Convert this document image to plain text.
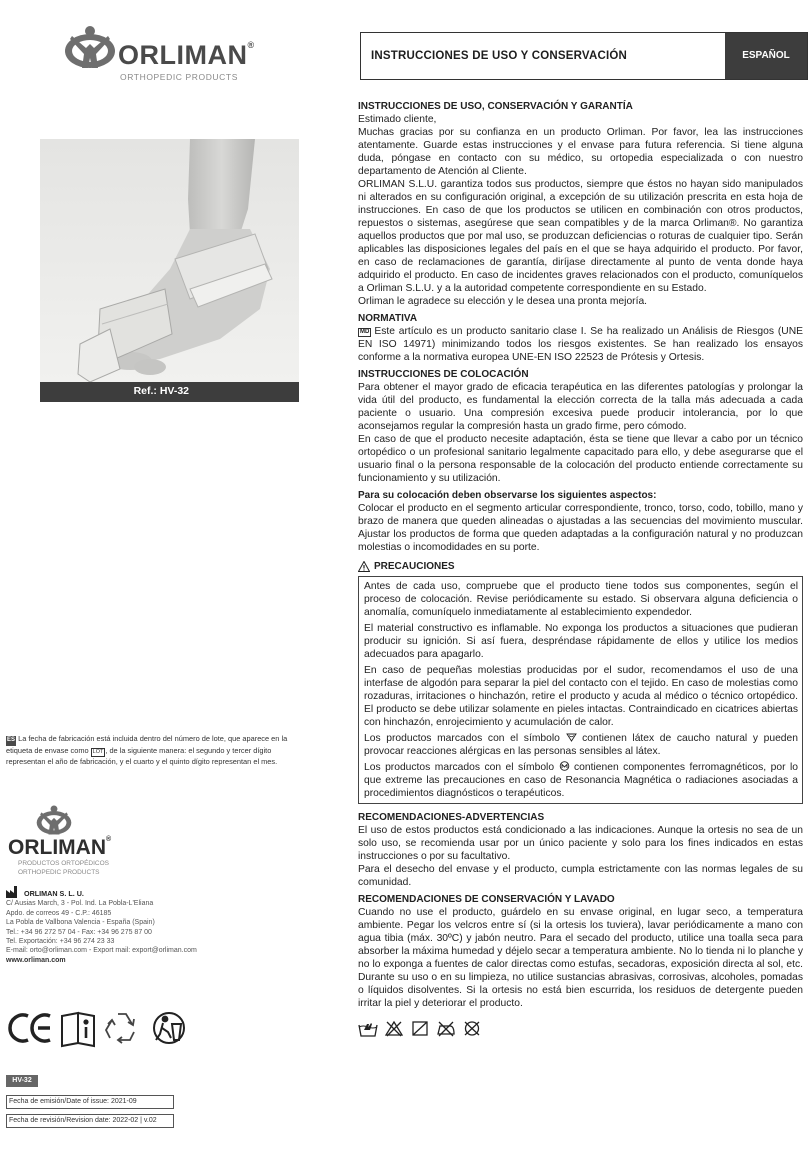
ORLIMAN®
ORTHOPEDIC PRODUCTS
Ref.: HV-32
ES La fecha de fabricación está incluida dentro del número de lote, que aparece en la etiqueta de envase como LOT , de la siguiente manera: el segundo y tercer dígito representan el año de fabricación, y el cuarto y el quinto dígito representan el mes.
ORLIMAN®
PRODUCTOS ORTOPÉDICOS
ORTHOPEDIC PRODUCTS
ORLIMAN S. L. U.
C/ Ausias March, 3 - Pol. Ind. La Pobla-L'Eliana
Apdo. de correos 49 - C.P.: 46185
La Pobla de Vallbona Valencia - España (Spain)
Tel.: +34 96 272 57 04 - Fax: +34 96 275 87 00
Tel. Exportación: +34 96 274 23 33
E-mail: orto@orliman.com - Export mail: export@orliman.com
www.orliman.com
HV-32
Fecha de emisión/Date of issue: 2021-09
Fecha de revisión/Revision date: 2022-02 | v.02
INSTRUCCIONES DE USO Y CONSERVACIÓN	ESPAÑOL
INSTRUCCIONES DE USO, CONSERVACIÓN Y GARANTÍA

Estimado cliente,

Muchas gracias por su confianza en un producto Orliman. Por favor, lea las instrucciones atentamente. Guarde estas instrucciones y el envase para futura referencia. Si tiene alguna duda, póngase en contacto con su médico, su ortopedia especializada o con nuestro departamento de Atención al Cliente.

ORLIMAN S.L.U. garantiza todos sus productos, siempre que éstos no hayan sido manipulados ni alterados en su configuración original, a excepción de su utilización prescrita en esta hoja de instrucciones. En caso de que los productos se utilicen en combinación con otros productos, repuestos o sistemas, asegúrese que sean compatibles y de la marca Orliman®. No garantiza aquellos productos que por mal uso, se produzcan deficiencias o roturas de cualquier tipo. Serán aplicables las disposiciones legales del país en el que se haya adquirido el producto. Por favor, en caso de reclamaciones de garantía, diríjase directamente al punto de venta donde haya adquirido el producto. En caso de incidentes graves relacionados con el producto, comuníquelos a Orliman S.L.U. y a la autoridad competente correspondiente en su Estado.

Orliman le agradece su elección y le desea una pronta mejoría.

NORMATIVA

MD Este artículo es un producto sanitario clase I. Se ha realizado un Análisis de Riesgos (UNE EN ISO 14971) minimizando todos los riesgos existentes. Se han realizado los ensayos conforme a la normativa europea UNE-EN ISO 22523 de Prótesis y Ortesis.

INSTRUCCIONES DE COLOCACIÓN

Para obtener el mayor grado de eficacia terapéutica en las diferentes patologías y prolongar la vida útil del producto, es fundamental la elección correcta de la talla más adecuada a cada paciente o usuario. Una compresión excesiva puede producir intolerancia, por lo que aconsejamos regular la compresión hasta un grado firme, pero cómodo.

En caso de que el producto necesite adaptación, ésta se tiene que llevar a cabo por un técnico ortopédico o un profesional sanitario legalmente capacitado para ello, y debe asegurarse que el usuario final o la persona responsable de la colocación del producto entiende correctamente su funcionamiento y su utilización.

Para su colocación deben observarse los siguientes aspectos:

Colocar el producto en el segmento articular correspondiente, tronco, torso, codo, tobillo, mano y brazo de manera que queden alineadas o ajustadas a las secuencias del movimiento muscular. Ajustar los productos de forma que queden adaptadas a la configuración natural y no produzcan molestias o incomodidades en su porte.

PRECAUCIONES

Antes de cada uso, compruebe que el producto tiene todos sus componentes, según el proceso de colocación. Revise periódicamente su estado. Si observara alguna deficiencia o anomalía, comuníquelo inmediatamente al establecimiento expendedor.

El material constructivo es inflamable. No exponga los productos a situaciones que pudieran producir su ignición. Si así fuera, despréndase rápidamente de ellos y utilice los medios adecuados para apagarlo.

En caso de pequeñas molestias producidas por el sudor, recomendamos el uso de una interfase de algodón para separar la piel del contacto con el tejido. En caso de molestias como rozaduras, irritaciones o hinchazón, retire el producto y acuda al médico o técnico ortopédico. El producto se debe utilizar solamente en pieles intactas. Contraindicado en cicatrices abiertas con hinchazón, enrojecimiento y acumulación de calor.

Los productos marcados con el símbolo  contienen látex de caucho natural y pueden provocar reacciones alérgicas en las personas sensibles al látex.

Los productos marcados con el símbolo  contienen componentes ferromagnéticos, por lo que extreme las precauciones en caso de Resonancia Magnética o radiaciones asociadas a procedimientos diagnósticos o terapéuticos.

RECOMENDACIONES-ADVERTENCIAS

El uso de estos productos está condicionado a las indicaciones. Aunque la ortesis no sea de un solo uso, se recomienda usar por un único paciente y solo para los fines indicados en estas instrucciones o por su facultativo.

Para el desecho del envase y el producto, cumpla estrictamente con las normas legales de su comunidad.

RECOMENDACIONES DE CONSERVACIÓN Y LAVADO

Cuando no use el producto, guárdelo en su envase original, en lugar seco, a temperatura ambiente. Pegar los velcros entre sí (si la ortesis los tuviera), lavar periódicamente a mano con agua tibia (máx. 30ºC) y jabón neutro. Para el secado del producto, utilice una toalla seca para absorber la máxima humedad y déjelo secar a temperatura ambiente. No lo tienda ni lo planche y no lo exponga a fuentes de calor directas como estufas, secadoras, exposición directa al sol, etc. Durante su uso o en su limpieza, no utilice sustancias abrasivas, corrosivas, alcoholes, pomadas o líquidos disolventes. Si la ortesis no está bien escurrida, los residuos de detergente pueden irritar la piel y deteriorar el producto.
